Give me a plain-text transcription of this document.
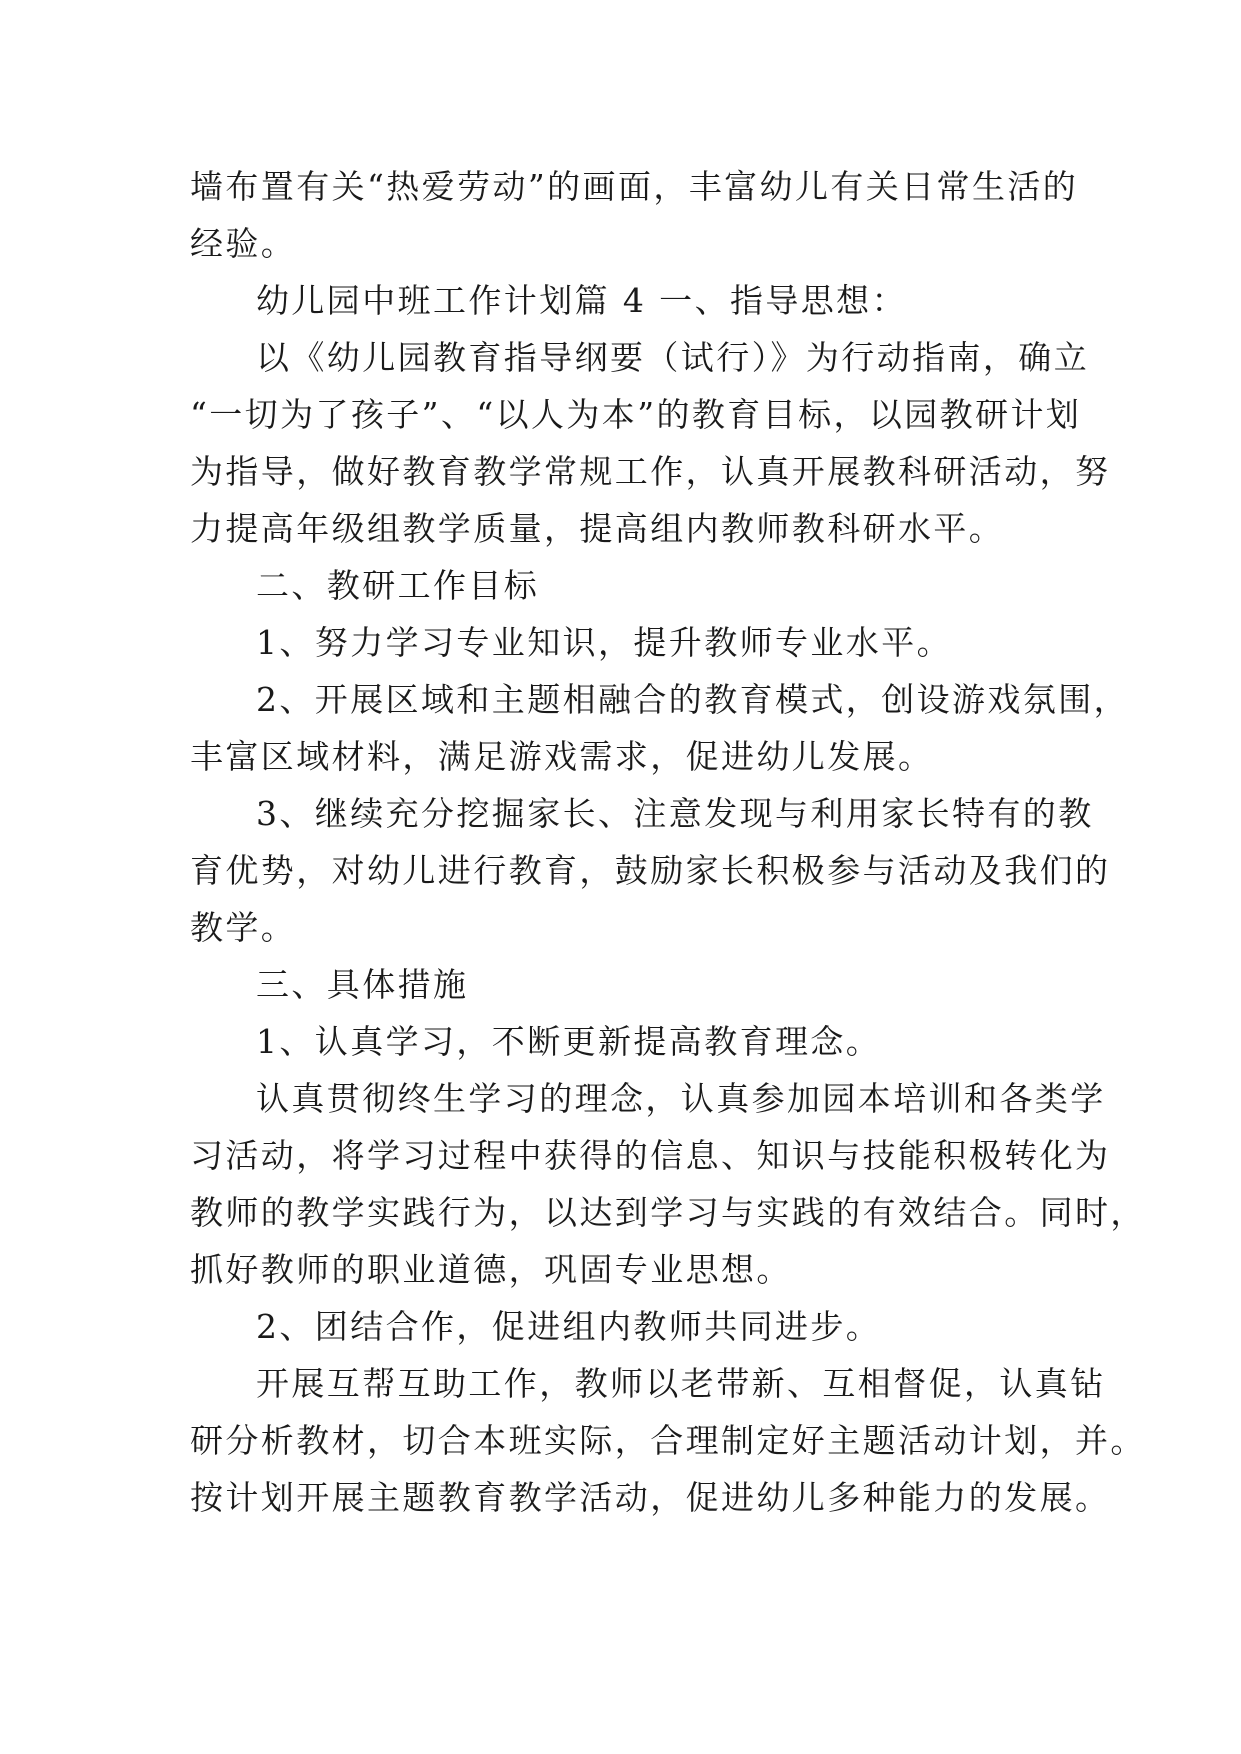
墙布置有关“热爱劳动”的画面，丰富幼儿有关日常生活的
经验。
幼儿园中班工作计划篇 4 一、指导思想：
以《幼儿园教育指导纲要（试行）》为行动指南，确立
“一切为了孩子”、“以人为本”的教育目标，以园教研计划
为指导，做好教育教学常规工作，认真开展教科研活动，努
力提高年级组教学质量，提高组内教师教科研水平。
二、教研工作目标
1、努力学习专业知识，提升教师专业水平。
2、开展区域和主题相融合的教育模式，创设游戏氛围，
丰富区域材料，满足游戏需求，促进幼儿发展。
3、继续充分挖掘家长、注意发现与利用家长特有的教
育优势，对幼儿进行教育，鼓励家长积极参与活动及我们的
教学。
三、具体措施
1、认真学习，不断更新提高教育理念。
认真贯彻终生学习的理念，认真参加园本培训和各类学
习活动，将学习过程中获得的信息、知识与技能积极转化为
教师的教学实践行为，以达到学习与实践的有效结合。同时，
抓好教师的职业道德，巩固专业思想。
2、团结合作，促进组内教师共同进步。
开展互帮互助工作，教师以老带新、互相督促，认真钻
研分析教材，切合本班实际，合理制定好主题活动计划，并。
按计划开展主题教育教学活动，促进幼儿多种能力的发展。
